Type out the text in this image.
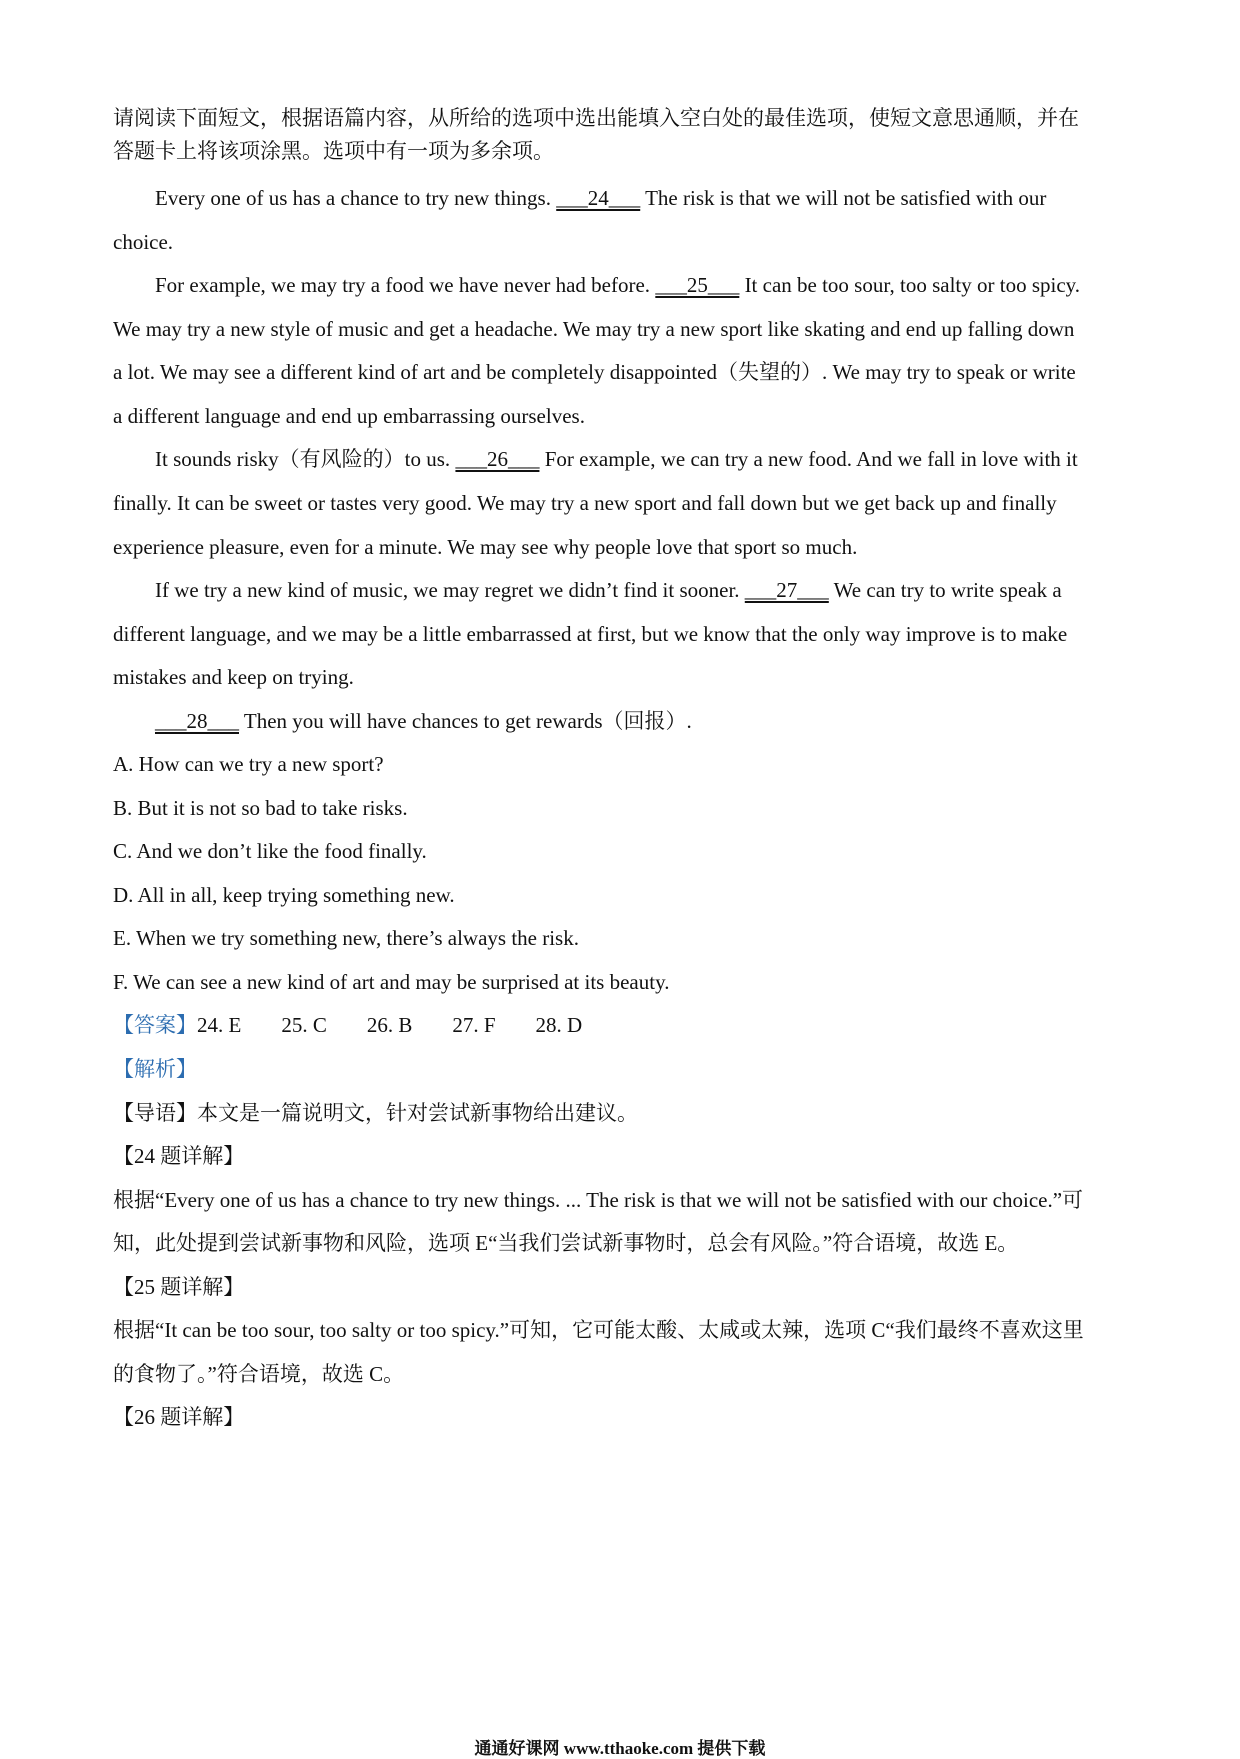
请阅读下面短文，根据语篇内容，从所给的选项中选出能填入空白处的最佳选项，使短文意思通顺，并在
答题卡上将该项涂黑。选项中有一项为多余项。
Every one of us has a chance to try new things. ___24___ The risk is that we will not be satisfied with our
choice.
For example, we may try a food we have never had before. ___25___ It can be too sour, too salty or too spicy.
We may try a new style of music and get a headache. We may try a new sport like skating and end up falling down
a lot. We may see a different kind of art and be completely disappointed（失望的）. We may try to speak or write
a different language and end up embarrassing ourselves.
It sounds risky（有风险的）to us. ___26___ For example, we can try a new food. And we fall in love with it
finally. It can be sweet or tastes very good. We may try a new sport and fall down but we get back up and finally
experience pleasure, even for a minute. We may see why people love that sport so much.
If we try a new kind of music, we may regret we didn’t find it sooner. ___27___ We can try to write speak a
different language, and we may be a little embarrassed at first, but we know that the only way improve is to make
mistakes and keep on trying.
___28___ Then you will have chances to get rewards（回报）.
A. How can we try a new sport?
B. But it is not so bad to take risks.
C. And we don’t like the food finally.
D. All in all, keep trying something new.
E. When we try something new, there’s always the risk.
F. We can see a new kind of art and may be surprised at its beauty.
【答案】24. E 25. C 26. B 27. F 28. D
【解析】
【导语】本文是一篇说明文，针对尝试新事物给出建议。
【24 题详解】
根据“Every one of us has a chance to try new things. ... The risk is that we will not be satisfied with our choice.”可
知，此处提到尝试新事物和风险，选项 E“当我们尝试新事物时，总会有风险。”符合语境，故选 E。
【25 题详解】
根据“It can be too sour, too salty or too spicy.”可知，它可能太酸、太咸或太辣，选项 C“我们最终不喜欢这里
的食物了。”符合语境，故选 C。
【26 题详解】
通通好课网 www.tthaoke.com 提供下载
